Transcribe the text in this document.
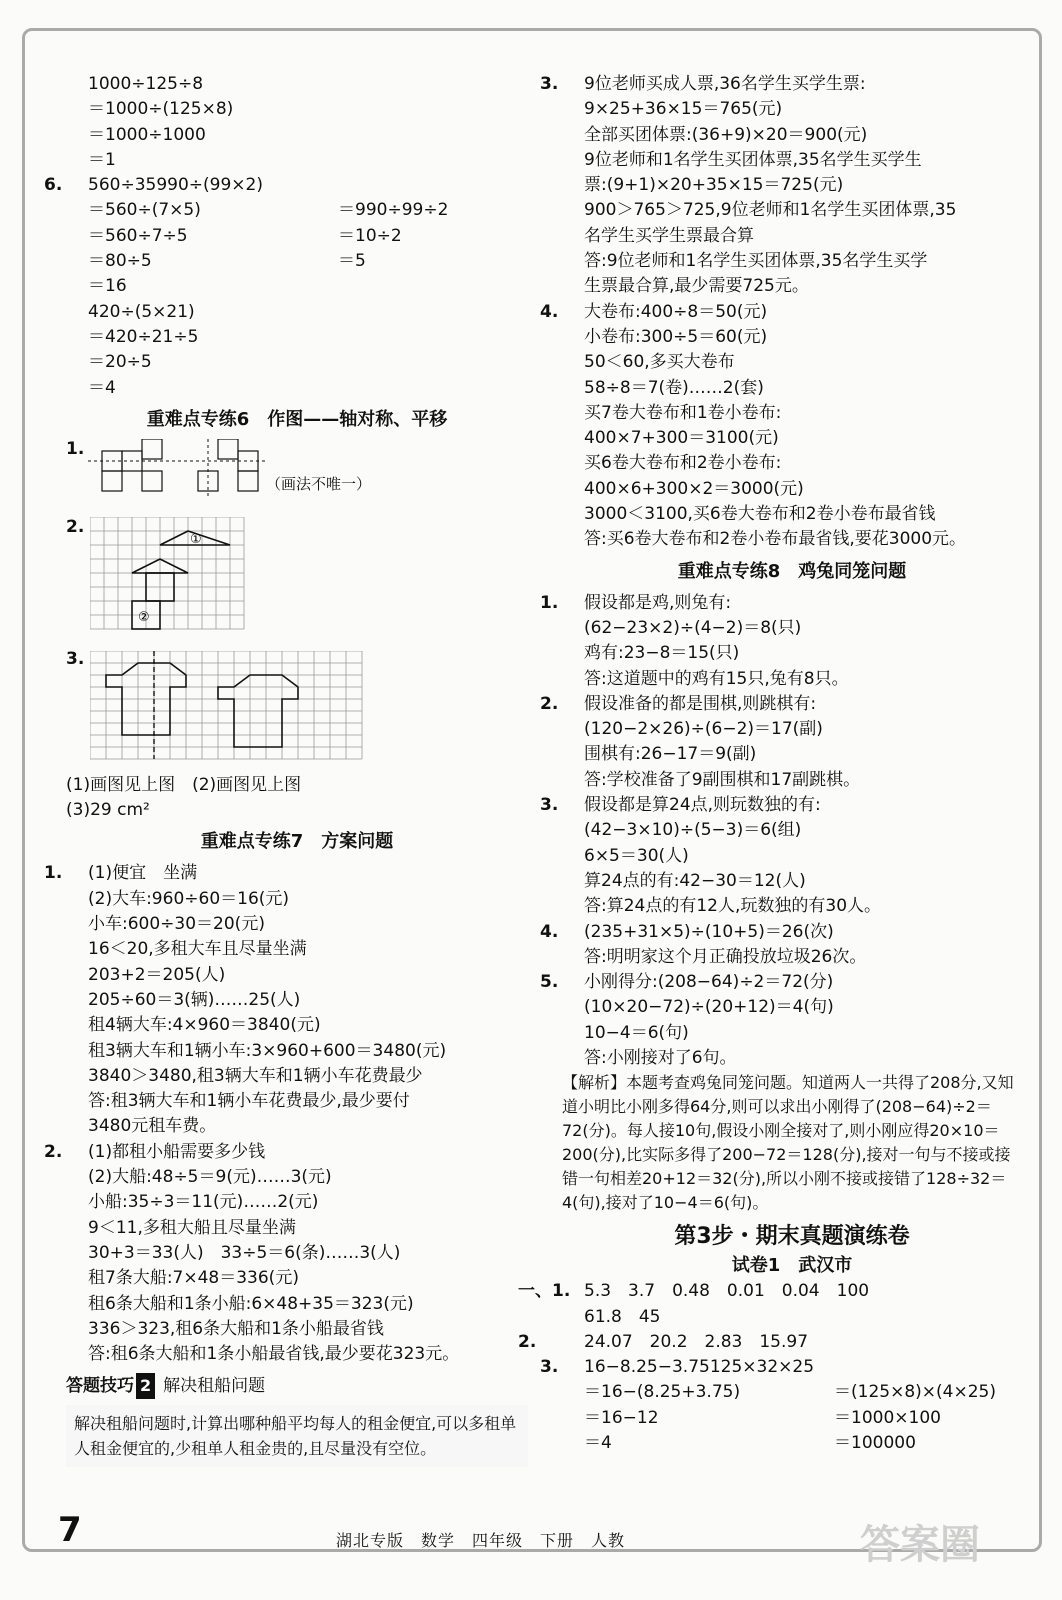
1000÷125÷8
＝1000÷(125×8)
＝1000÷1000
＝1
6. 560÷35 990÷(99×2)
＝560÷(7×5)	＝990÷99÷2
＝560÷7÷5	＝10÷2
＝80÷5	＝5
＝16
420÷(5×21)
＝420÷21÷5
＝20÷5
＝4
重难点专练6　作图——轴对称、平移
1.
（画法不唯一）
2.
①
②
3.
(1)画图见上图　(2)画图见上图
(3)29 cm²
重难点专练7　方案问题
1. (1)便宜　坐满
(2)大车:960÷60＝16(元)
小车:600÷30＝20(元)
16＜20,多租大车且尽量坐满
203+2＝205(人)
205÷60＝3(辆)……25(人)
租4辆大车:4×960＝3840(元)
租3辆大车和1辆小车:3×960+600＝3480(元)
3840＞3480,租3辆大车和1辆小车花费最少
答:租3辆大车和1辆小车花费最少,最少要付
3480元租车费。
2. (1)都租小船需要多少钱
(2)大船:48÷5＝9(元)……3(元)
小船:35÷3＝11(元)……2(元)
9＜11,多租大船且尽量坐满
30+3＝33(人)　33÷5＝6(条)……3(人)
租7条大船:7×48＝336(元)
租6条大船和1条小船:6×48+35＝323(元)
336＞323,租6条大船和1条小船最省钱
答:租6条大船和1条小船最省钱,最少要花323元。
答题技巧 2 解决租船问题
解决租船问题时,计算出哪种船平均每人的租金便宜,可以多租单人租金便宜的,少租单人租金贵的,且尽量没有空位。
3. 9位老师买成人票,36名学生买学生票:
9×25+36×15＝765(元)
全部买团体票:(36+9)×20＝900(元)
9位老师和1名学生买团体票,35名学生买学生
票:(9+1)×20+35×15＝725(元)
900＞765＞725,9位老师和1名学生买团体票,35
名学生买学生票最合算
答:9位老师和1名学生买团体票,35名学生买学
生票最合算,最少需要725元。
4. 大卷布:400÷8＝50(元)
小卷布:300÷5＝60(元)
50＜60,多买大卷布
58÷8＝7(卷)……2(套)
买7卷大卷布和1卷小卷布:
400×7+300＝3100(元)
买6卷大卷布和2卷小卷布:
400×6+300×2＝3000(元)
3000＜3100,买6卷大卷布和2卷小卷布最省钱
答:买6卷大卷布和2卷小卷布最省钱,要花3000元。
重难点专练8　鸡兔同笼问题
1. 假设都是鸡,则兔有:
(62−23×2)÷(4−2)＝8(只)
鸡有:23−8＝15(只)
答:这道题中的鸡有15只,兔有8只。
2. 假设准备的都是围棋,则跳棋有:
(120−2×26)÷(6−2)＝17(副)
围棋有:26−17＝9(副)
答:学校准备了9副围棋和17副跳棋。
3. 假设都是算24点,则玩数独的有:
(42−3×10)÷(5−3)＝6(组)
6×5＝30(人)
算24点的有:42−30＝12(人)
答:算24点的有12人,玩数独的有30人。
4. (235+31×5)÷(10+5)＝26(次)
答:明明家这个月正确投放垃圾26次。
5. 小刚得分:(208−64)÷2＝72(分)
(10×20−72)÷(20+12)＝4(句)
10−4＝6(句)
答:小刚接对了6句。
【解析】本题考查鸡兔同笼问题。知道两人一共得了208分,又知道小明比小刚多得64分,则可以求出小刚得了(208−64)÷2＝72(分)。每人接10句,假设小刚全接对了,则小刚应得20×10＝200(分),比实际多得了200−72＝128(分),接对一句与不接或接错一句相差20+12＝32(分),所以小刚不接或接错了128÷32＝4(句),接对了10−4＝6(句)。
第3步・期末真题演练卷
试卷1　武汉市
一、1. 5.3　3.7　0.48　0.01　0.04　100
61.8　45
2.	24.07　20.2　2.83　15.97
3. 16−8.25−3.75 125×32×25
＝16−(8.25+3.75)	＝(125×8)×(4×25)
＝16−12	＝1000×100
＝4	＝100000
7	湖北专版　数学　四年级　下册　人教	答案圈
